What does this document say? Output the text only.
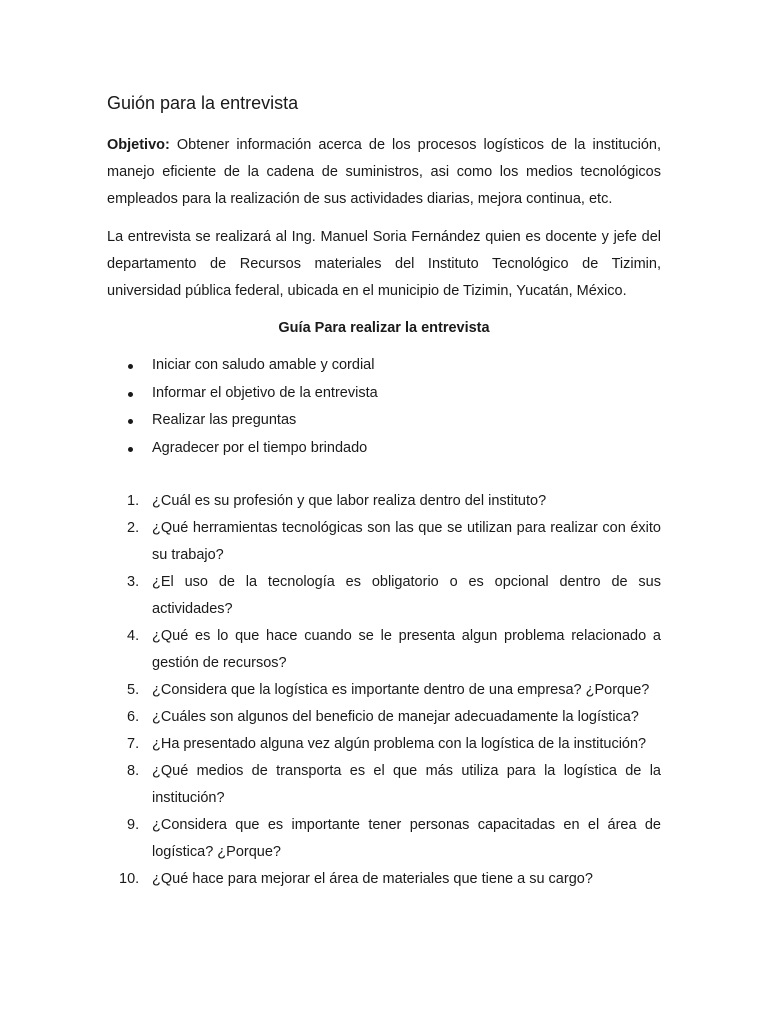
Guión para la entrevista

Objetivo: Obtener información acerca de los procesos logísticos de la institución, manejo eficiente de la cadena de suministros, asi como los medios tecnológicos empleados para la realización de sus actividades diarias, mejora continua, etc.

La entrevista se realizará al Ing. Manuel Soria Fernández quien es docente y jefe del departamento de Recursos materiales del Instituto Tecnológico de Tizimin, universidad pública federal, ubicada en el municipio de Tizimin, Yucatán, México.

Guía Para realizar la entrevista
Iniciar con saludo amable y cordial
Informar el objetivo de la entrevista
Realizar las preguntas
Agradecer por el tiempo brindado
1. ¿Cuál es su profesión y que labor realiza dentro del instituto?
2. ¿Qué herramientas tecnológicas son las que se utilizan para realizar con éxito su trabajo?
3. ¿El uso de la tecnología es obligatorio o es opcional dentro de sus actividades?
4. ¿Qué es lo que hace cuando se le presenta algun problema relacionado a gestión de recursos?
5. ¿Considera que la logística es importante dentro de una empresa? ¿Porque?
6. ¿Cuáles son algunos del beneficio de manejar adecuadamente la logística?
7. ¿Ha presentado alguna vez algún problema con la logística de la institución?
8. ¿Qué medios de transporta es el que más utiliza para la logística de la institución?
9. ¿Considera que es importante tener personas capacitadas en el área de logística? ¿Porque?
10. ¿Qué hace para mejorar el área de materiales que tiene a su cargo?
